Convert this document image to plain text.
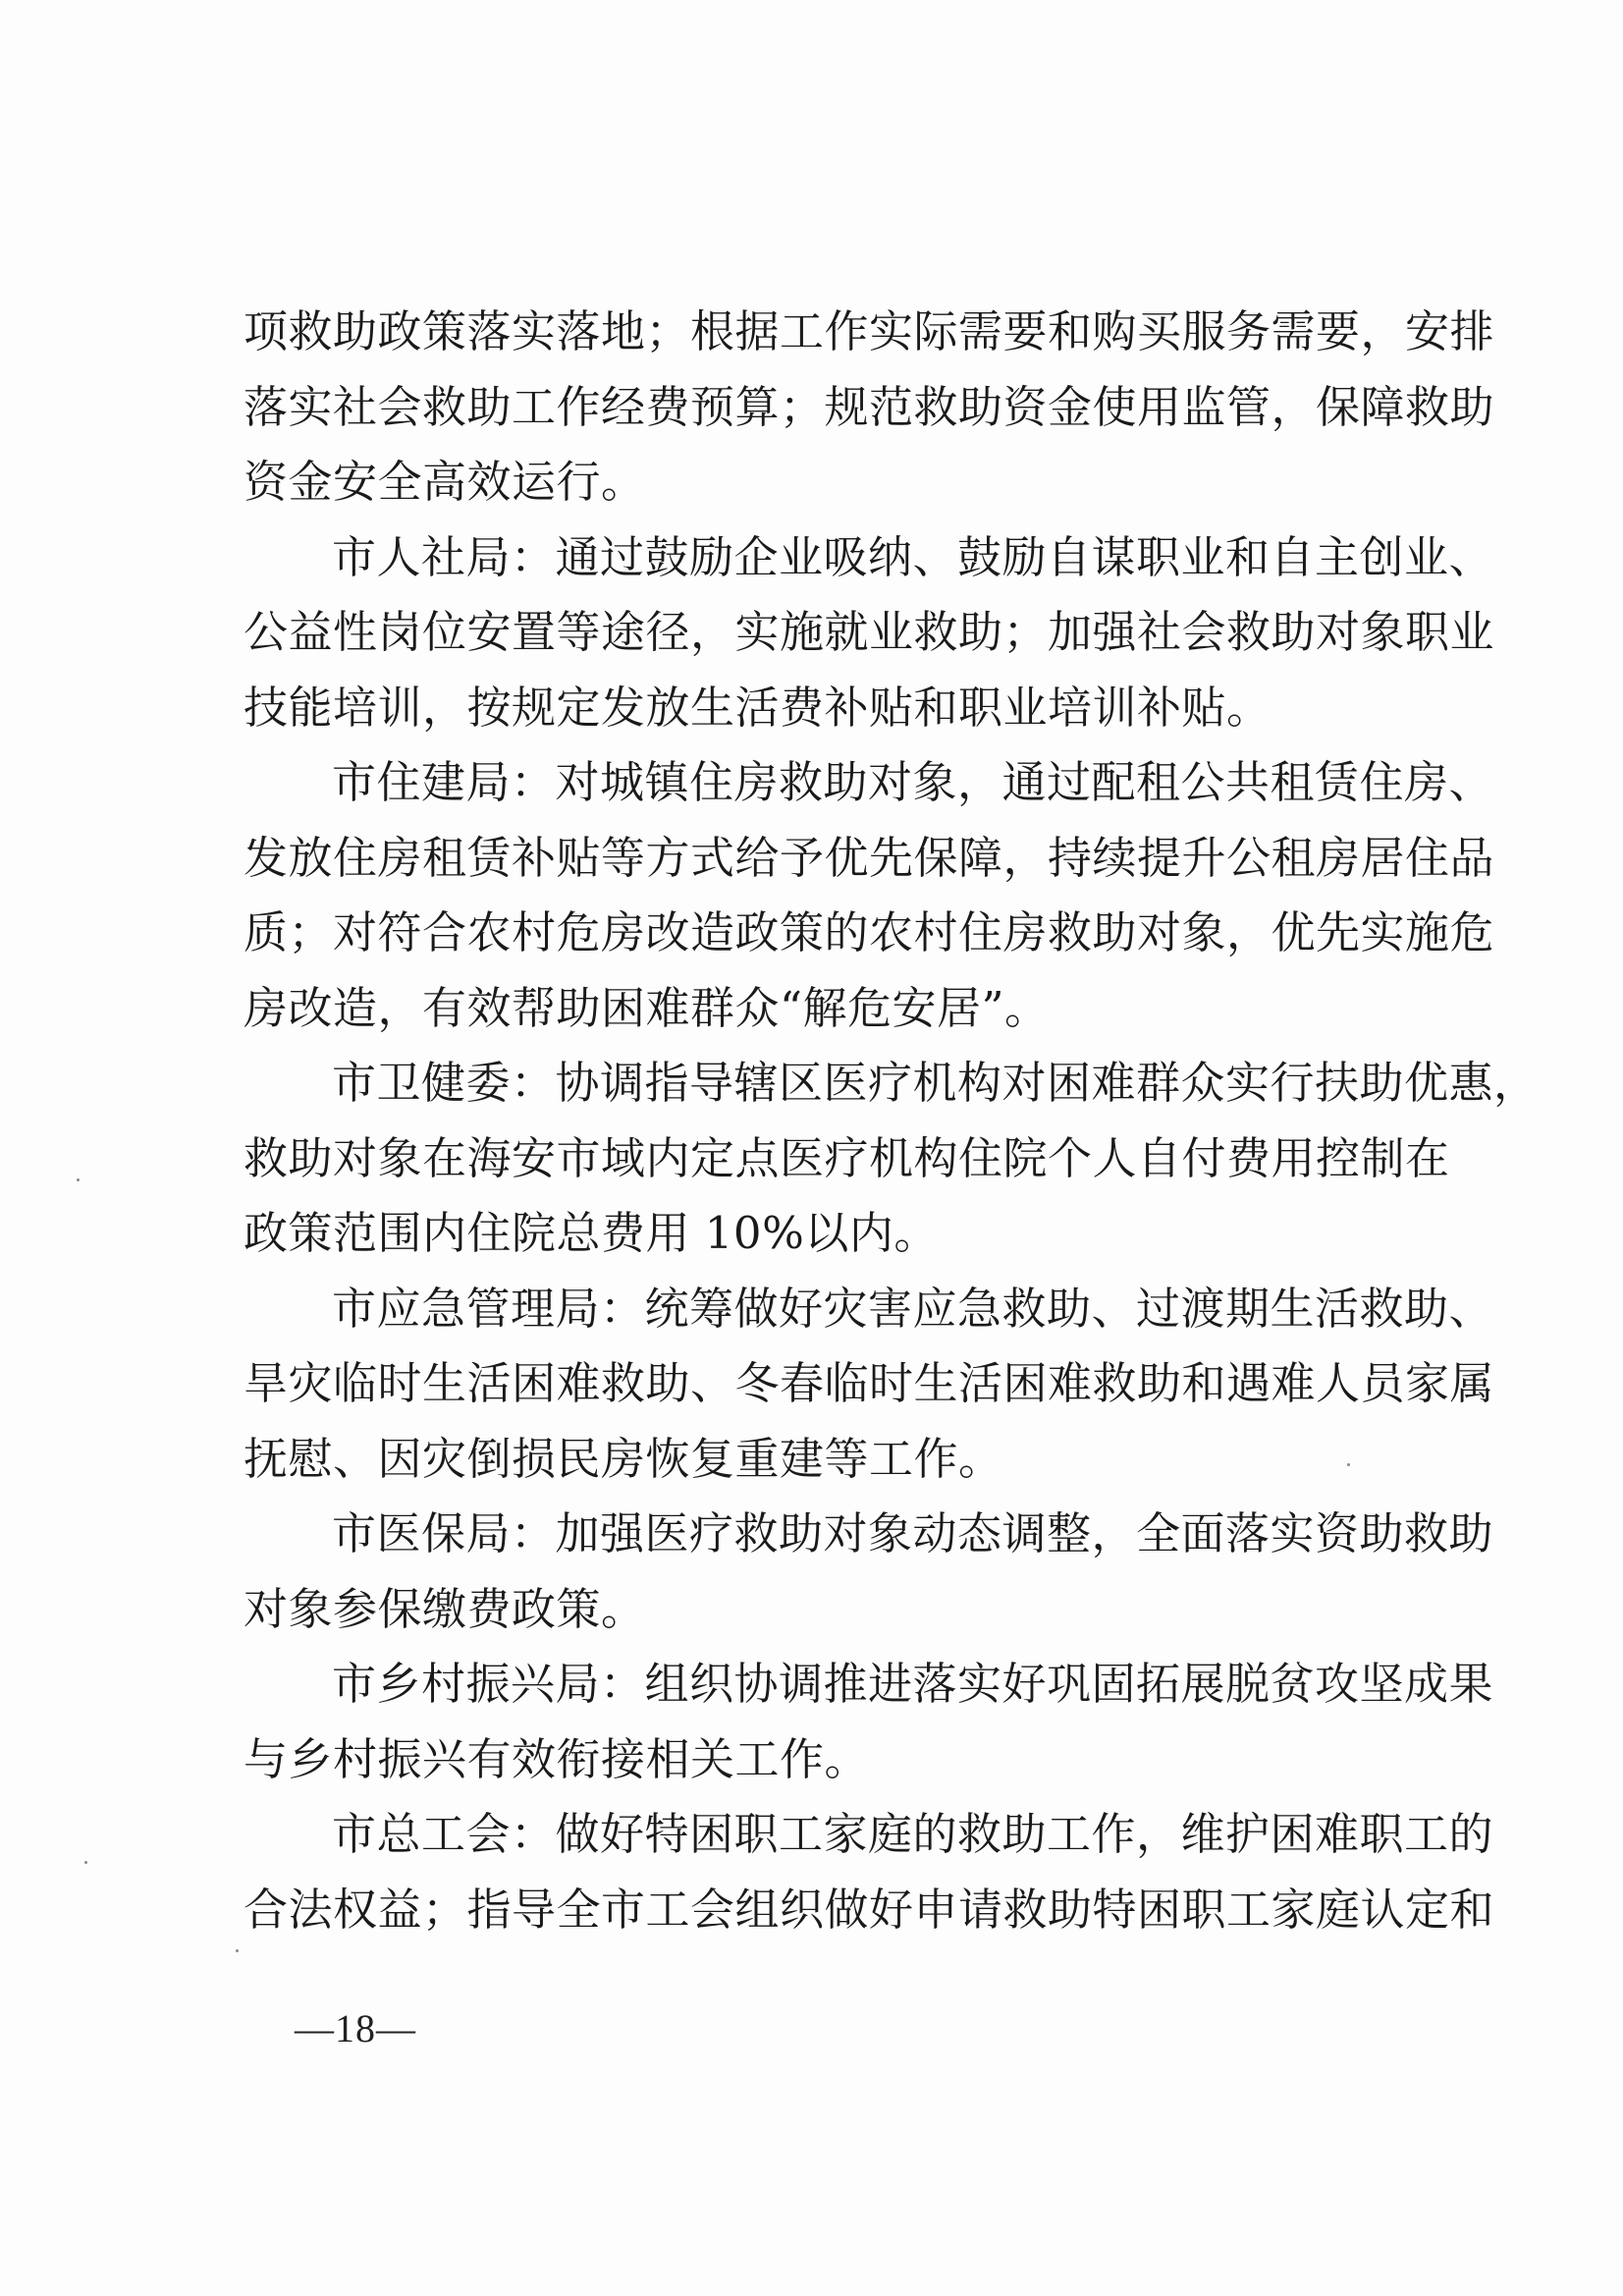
项救助政策落实落地；根据工作实际需要和购买服务需要，安排
落实社会救助工作经费预算；规范救助资金使用监管，保障救助
资金安全高效运行。

市人社局：通过鼓励企业吸纳、鼓励自谋职业和自主创业、
公益性岗位安置等途径，实施就业救助；加强社会救助对象职业
技能培训，按规定发放生活费补贴和职业培训补贴。

市住建局：对城镇住房救助对象，通过配租公共租赁住房、
发放住房租赁补贴等方式给予优先保障，持续提升公租房居住品
质；对符合农村危房改造政策的农村住房救助对象，优先实施危
房改造，有效帮助困难群众“解危安居”。

市卫健委：协调指导辖区医疗机构对困难群众实行扶助优惠，
救助对象在海安市域内定点医疗机构住院个人自付费用控制在
政策范围内住院总费用 10%以内。

市应急管理局：统筹做好灾害应急救助、过渡期生活救助、
旱灾临时生活困难救助、冬春临时生活困难救助和遇难人员家属
抚慰、因灾倒损民房恢复重建等工作。

市医保局：加强医疗救助对象动态调整，全面落实资助救助
对象参保缴费政策。

市乡村振兴局：组织协调推进落实好巩固拓展脱贫攻坚成果
与乡村振兴有效衔接相关工作。

市总工会：做好特困职工家庭的救助工作，维护困难职工的
合法权益；指导全市工会组织做好申请救助特困职工家庭认定和

—18—
